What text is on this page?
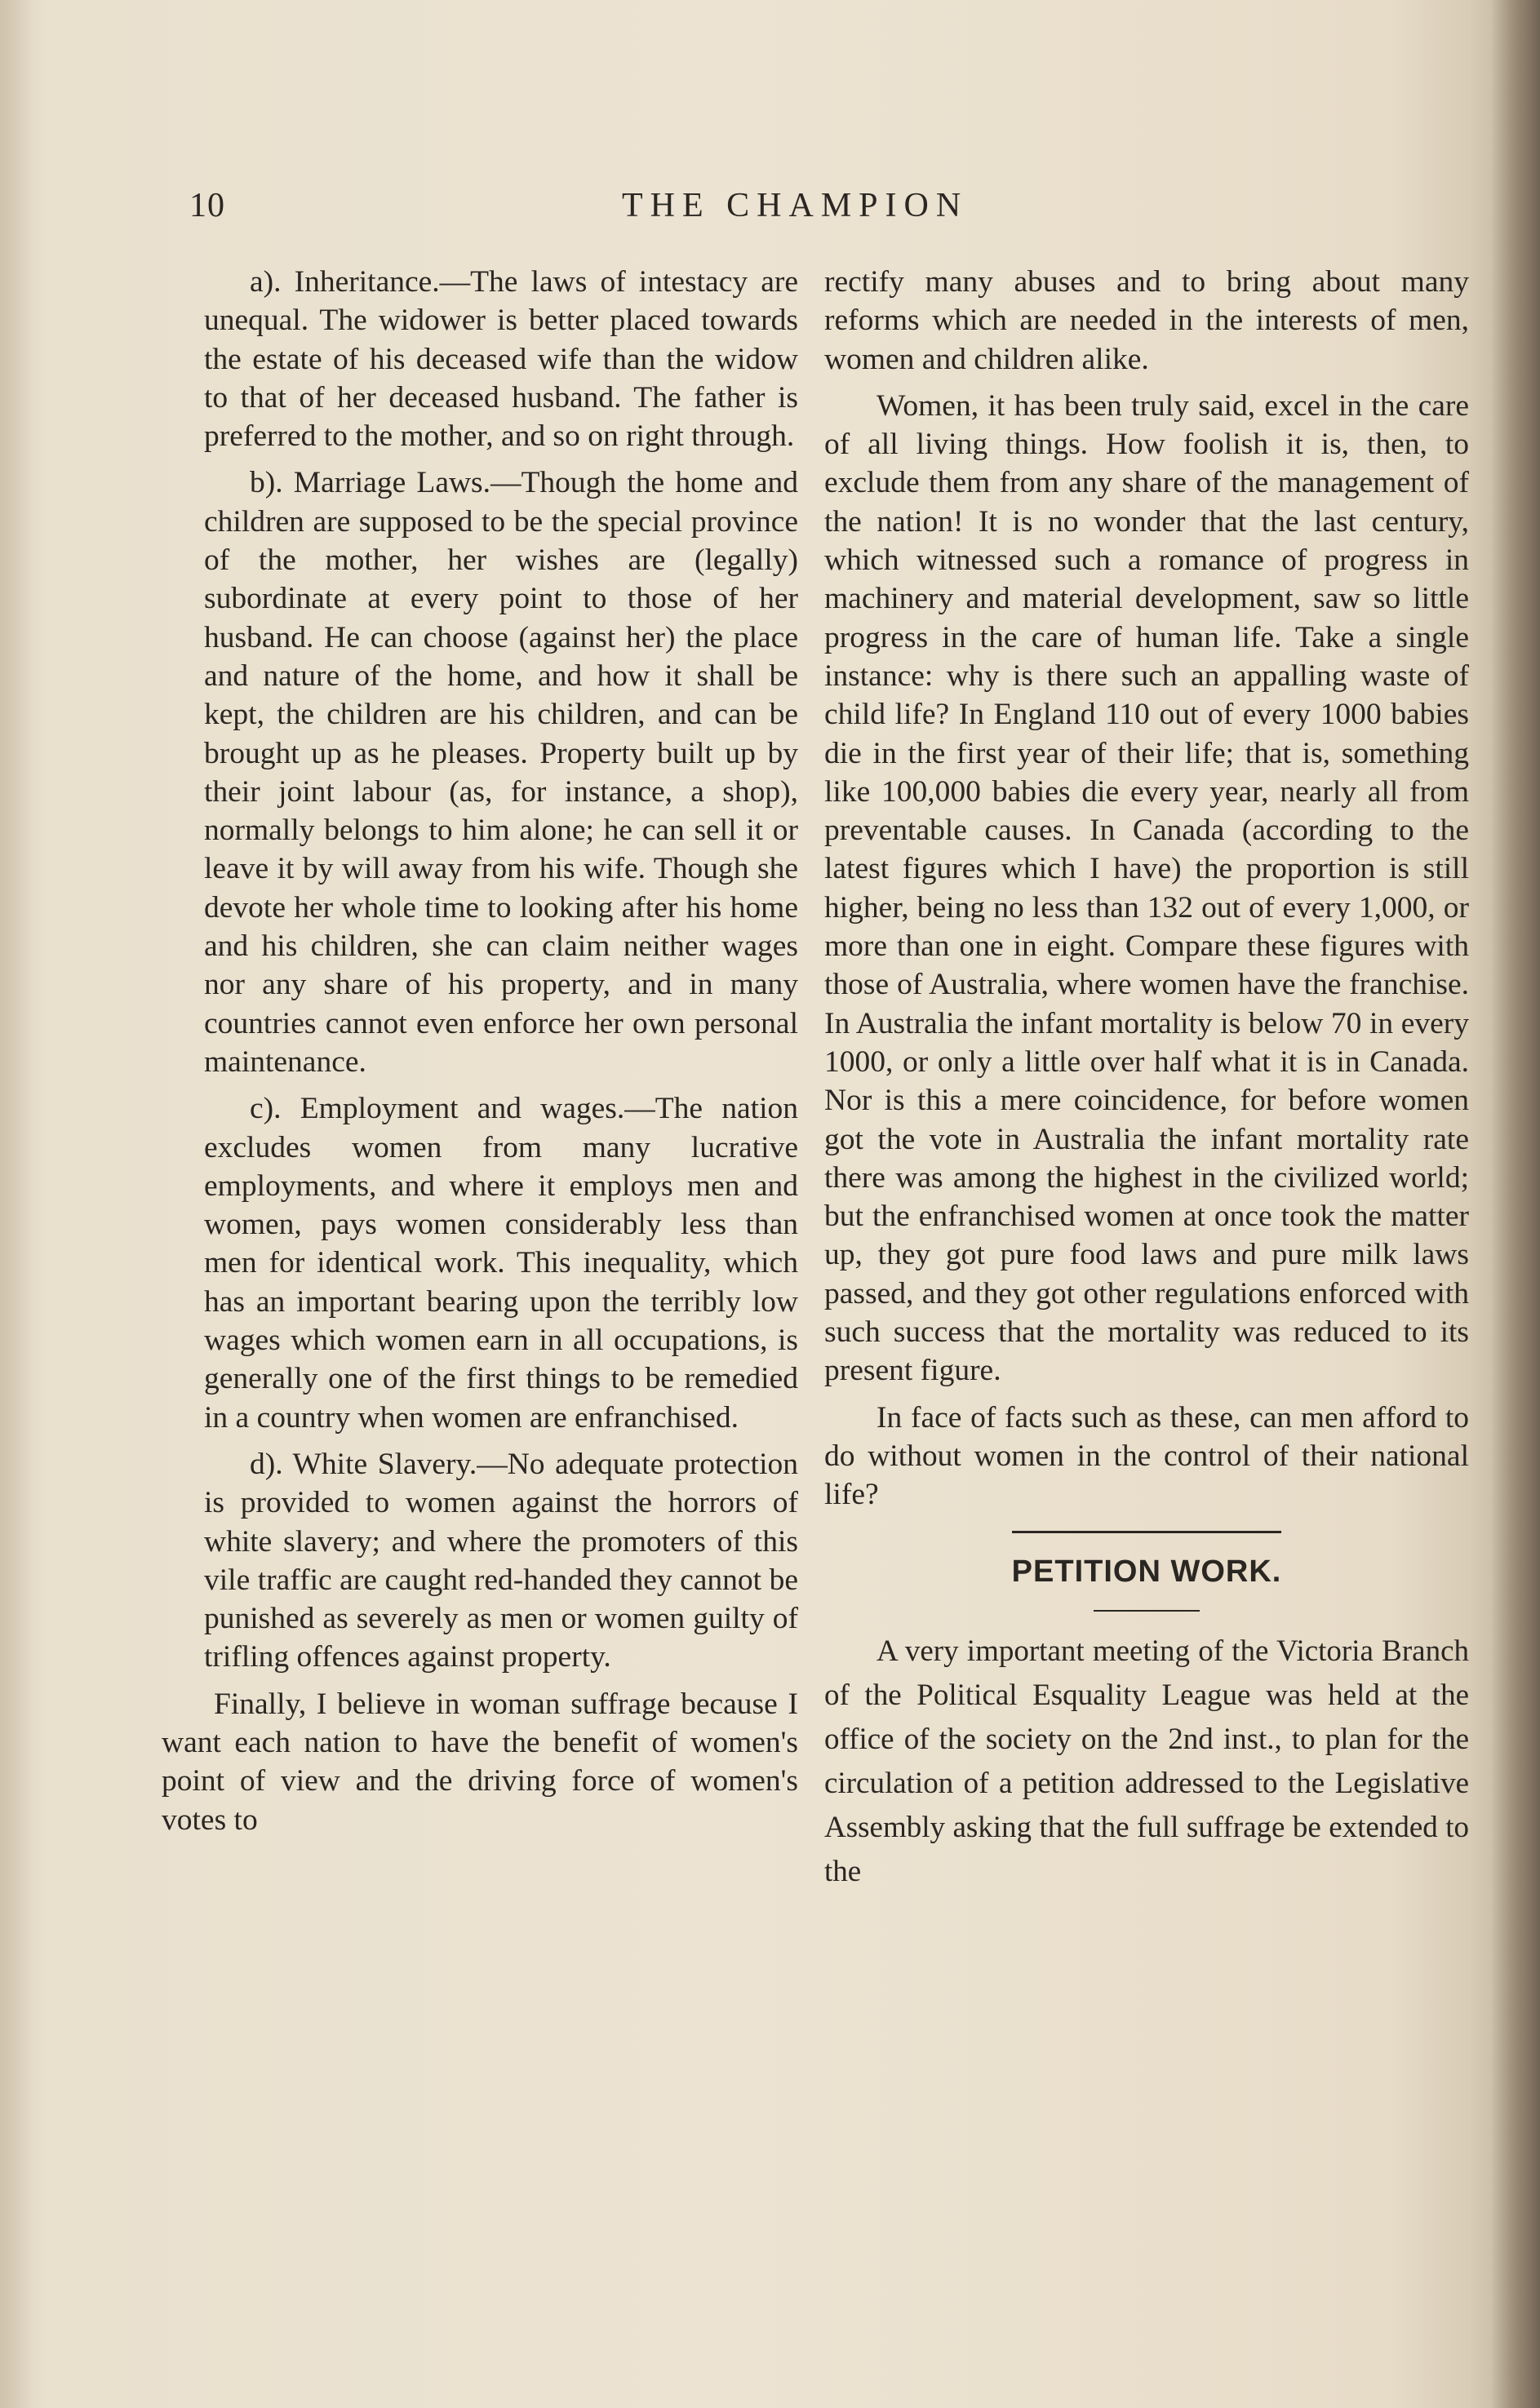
10	THE CHAMPION

a). Inheritance.—The laws of intestacy are unequal. The widower is better placed towards the estate of his deceased wife than the widow to that of her deceased husband. The father is preferred to the mother, and so on right through.

b). Marriage Laws.—Though the home and children are supposed to be the special province of the mother, her wishes are (legally) subordinate at every point to those of her husband. He can choose (against her) the place and nature of the home, and how it shall be kept, the children are his children, and can be brought up as he pleases. Property built up by their joint labour (as, for instance, a shop), normally belongs to him alone; he can sell it or leave it by will away from his wife. Though she devote her whole time to looking after his home and his children, she can claim neither wages nor any share of his property, and in many countries cannot even enforce her own personal maintenance.

c). Employment and wages.—The nation excludes women from many lucrative employments, and where it employs men and women, pays women considerably less than men for identical work. This inequality, which has an important bearing upon the terribly low wages which women earn in all occupations, is generally one of the first things to be remedied in a country when women are enfranchised.

d). White Slavery.—No adequate protection is provided to women against the horrors of white slavery; and where the promoters of this vile traffic are caught red-handed they cannot be punished as severely as men or women guilty of trifling offences against property.

Finally, I believe in woman suffrage because I want each nation to have the benefit of women's point of view and the driving force of women's votes to

rectify many abuses and to bring about many reforms which are needed in the interests of men, women and children alike.

Women, it has been truly said, excel in the care of all living things. How foolish it is, then, to exclude them from any share of the management of the nation! It is no wonder that the last century, which witnessed such a romance of progress in machinery and material development, saw so little progress in the care of human life. Take a single instance: why is there such an appalling waste of child life? In England 110 out of every 1000 babies die in the first year of their life; that is, something like 100,000 babies die every year, nearly all from preventable causes. In Canada (according to the latest figures which I have) the proportion is still higher, being no less than 132 out of every 1,000, or more than one in eight. Compare these figures with those of Australia, where women have the franchise. In Australia the infant mortality is below 70 in every 1000, or only a little over half what it is in Canada. Nor is this a mere coincidence, for before women got the vote in Australia the infant mortality rate there was among the highest in the civilized world; but the enfranchised women at once took the matter up, they got pure food laws and pure milk laws passed, and they got other regulations enforced with such success that the mortality was reduced to its present figure.

In face of facts such as these, can men afford to do without women in the control of their national life?

PETITION WORK.

A very important meeting of the Victoria Branch of the Political Esquality League was held at the office of the society on the 2nd inst., to plan for the circulation of a petition addressed to the Legislative Assembly asking that the full suffrage be extended to the
